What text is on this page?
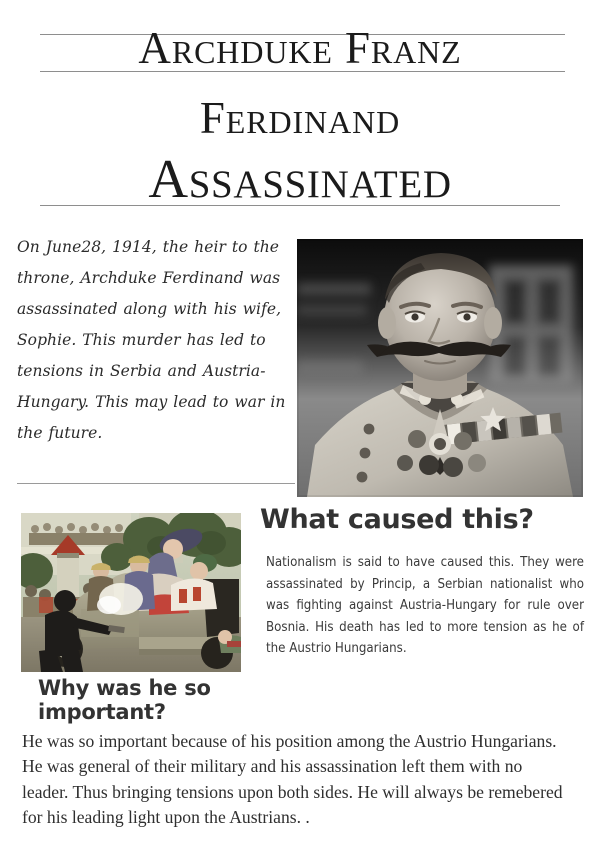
Archduke Franz
Ferdinand
Assassinated
On June28, 1914, the heir to the throne, Archduke Ferdinand was assassinated along with his wife, Sophie. This murder has led to tensions in Serbia and Austria-Hungary. This may lead to war in the future.
What caused this?
Nationalism is said to have caused this. They were assassinated by Princip, a Serbian nationalist who was fighting against Austria-Hungary for rule over Bosnia. His death has led to more tension as he of the Austrio Hungarians.
Why was he so important?
He was so important because of his position among the Austrio Hungarians. He was general of their military and his assassination left them with no leader. Thus bringing tensions upon both sides. He will always be remebered for his leading light upon the Austrians. .
